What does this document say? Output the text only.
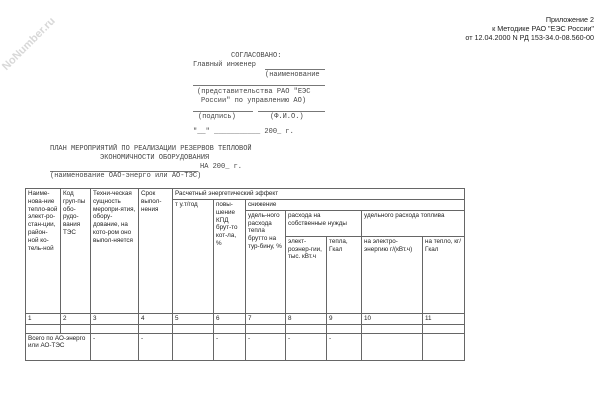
NoNumber.ru	Приложение 2
к Методике РАО "ЕЭС России"
от 12.04.2000 N РД 153-34.0-08.560-00
СОГЛАСОВАНО:
Главный инженер
(наименование
(представительства РАО "ЕЭС
России" по управлению АО)
(подпись)	(Ф.И.О.)
"__" ___________ 200_ г.
ПЛАН МЕРОПРИЯТИЙ ПО РЕАЛИЗАЦИИ РЕЗЕРВОВ ТЕПЛОВОЙ
ЭКОНОМИЧНОСТИ ОБОРУДОВАНИЯ
НА 200_ г.
(наименование ОАО-энерго или АО-ТЭС)
Наиме-нова-ние тепло-вой элект-ро-стан-ции, район-ной ко-тель-ной	Код груп-пы обо-рудо-вания ТЭС	Техни-ческая сущность меропри-ятия, обору-дование, на кото-ром оно выпол-няется	Срок выпол-нения	Расчетный энергетический эффект						
				т у.т/год	повы-шение КПД брут-то кот-ла, %	снижение				
						удель-ного расхода тепла брутто на тур-бину, %	расхода на собственные нужды		удельного расхода топлива	
							элект-роэнер-гии, тыс. кВт.ч	тепла, Гкал	на электро-энергию г/(кВт.ч)	на тепло, кг/Гкал
1	2	3	4	5	6	7	8	9	10	11

Всего по АО-энерго или АО-ТЭС		-	-		-	-	-	-		
